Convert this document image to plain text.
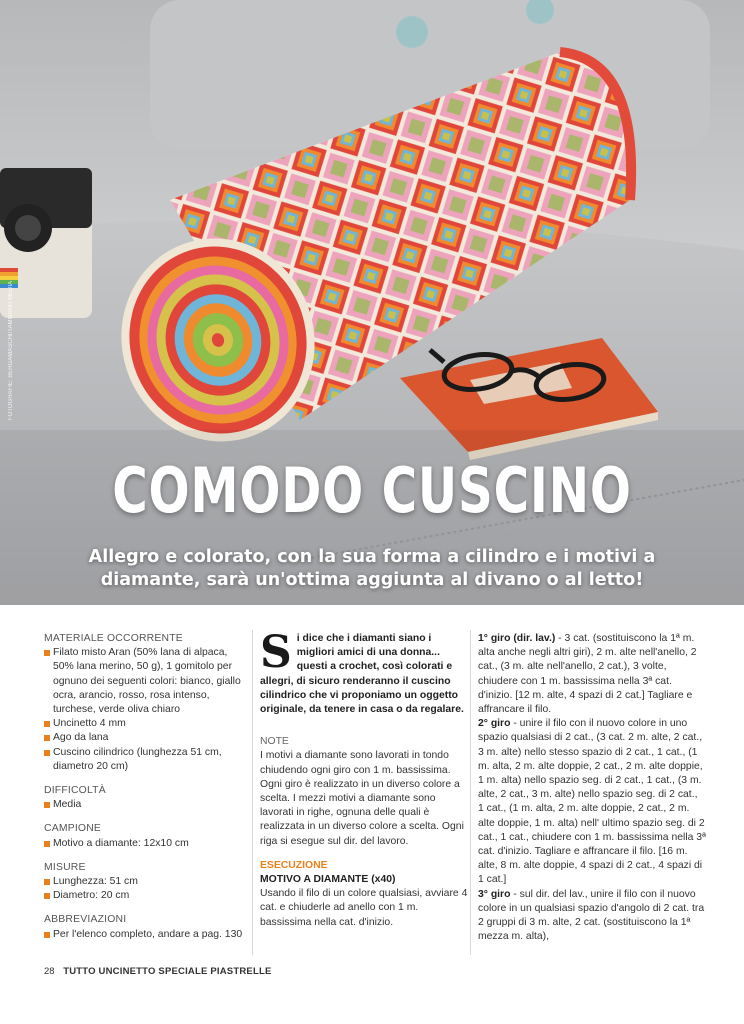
FOTOGRAFIE: BERGAMASCHI/TAMMANO MEDIA
COMODO CUSCINO
Allegro e colorato, con la sua forma a cilindro e i motivi a diamante, sarà un'ottima aggiunta al divano o al letto!
MATERIALE OCCORRENTE
Filato misto Aran (50% lana di alpaca, 50% lana merino, 50 g), 1 gomitolo per ognuno dei seguenti colori: bianco, giallo ocra, arancio, rosso, rosa intenso, turchese, verde oliva chiaro
Uncinetto 4 mm
Ago da lana
Cuscino cilindrico (lunghezza 51 cm, diametro 20 cm)
DIFFICOLTÀ
Media
CAMPIONE
Motivo a diamante: 12x10 cm
MISURE
Lunghezza: 51 cm
Diametro: 20 cm
ABBREVIAZIONI
Per l'elenco completo, andare a pag. 130
Si dice che i diamanti siano i migliori amici di una donna... questi a crochet, così colorati e allegri, di sicuro renderanno il cuscino cilindrico che vi proponiamo un oggetto originale, da tenere in casa o da regalare.
NOTE
I motivi a diamante sono lavorati in tondo chiudendo ogni giro con 1 m. bassissima. Ogni giro è realizzato in un diverso colore a scelta. I mezzi motivi a diamante sono lavorati in righe, ognuna delle quali è realizzata in un diverso colore a scelta. Ogni riga si esegue sul dir. del lavoro.
ESECUZIONE
MOTIVO A DIAMANTE (x40)
Usando il filo di un colore qualsiasi, avviare 4 cat. e chiuderle ad anello con 1 m. bassissima nella cat. d'inizio.
1° giro (dir. lav.) - 3 cat. (sostituiscono la 1ª m. alta anche negli altri giri), 2 m. alte nell'anello, 2 cat., (3 m. alte nell'anello, 2 cat.), 3 volte, chiudere con 1 m. bassissima nella 3ª cat. d'inizio. [12 m. alte, 4 spazi di 2 cat.] Tagliare e affrancare il filo.
2° giro - unire il filo con il nuovo colore in uno spazio qualsiasi di 2 cat., (3 cat. 2 m. alte, 2 cat., 3 m. alte) nello stesso spazio di 2 cat., 1 cat., (1 m. alta, 2 m. alte doppie, 2 cat., 2 m. alte doppie, 1 m. alta) nello spazio seg. di 2 cat., 1 cat., (3 m. alte, 2 cat., 3 m. alte) nello spazio seg. di 2 cat., 1 cat., (1 m. alta, 2 m. alte doppie, 2 cat., 2 m. alte doppie, 1 m. alta) nell' ultimo spazio seg. di 2 cat., 1 cat., chiudere con 1 m. bassissima nella 3ª cat. d'inizio. Tagliare e affrancare il filo. [16 m. alte, 8 m. alte doppie, 4 spazi di 2 cat., 4 spazi di 1 cat.]
3° giro - sul dir. del lav., unire il filo con il nuovo colore in un qualsiasi spazio d'angolo di 2 cat. tra 2 gruppi di 3 m. alte, 2 cat. (sostituiscono la 1ª mezza m. alta),
28 TUTTO UNCINETTO SPECIALE PIASTRELLE
